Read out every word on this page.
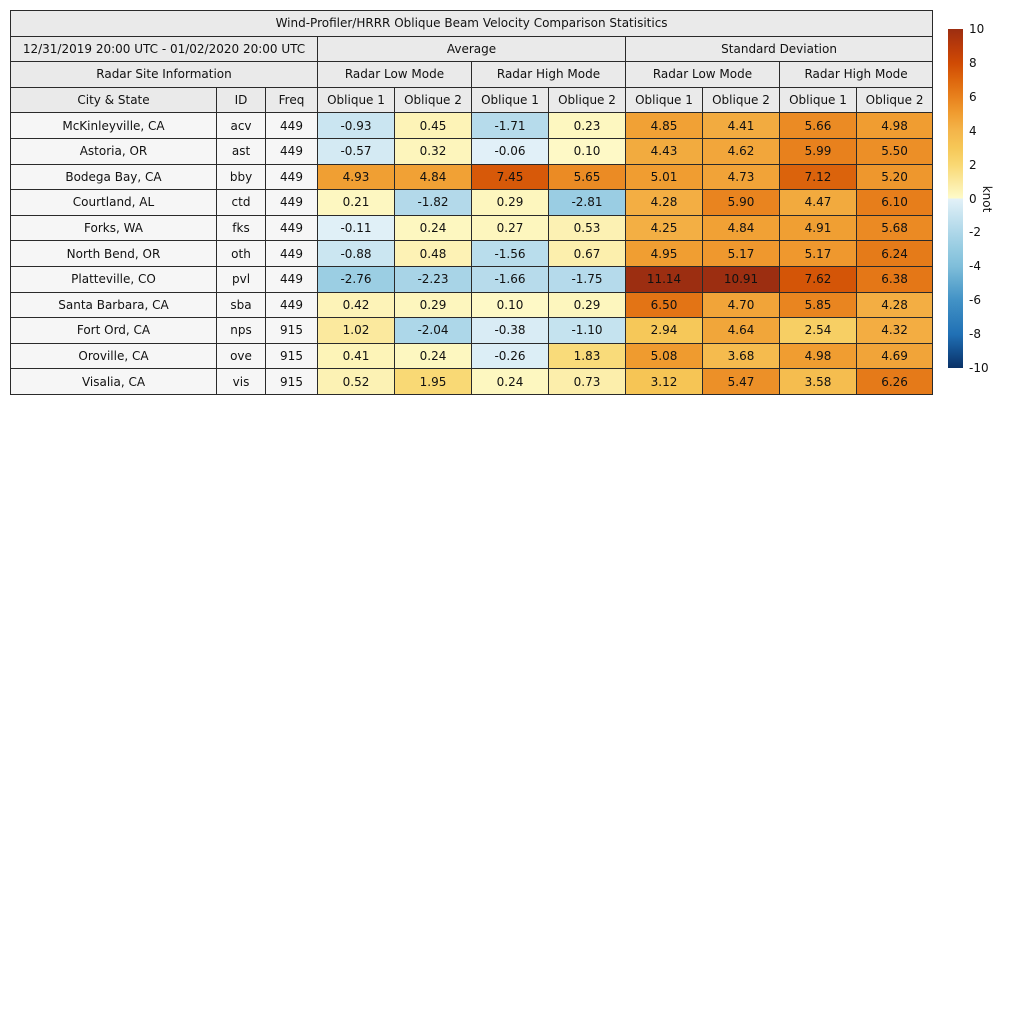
Wind-Profiler/HRRR Oblique Beam Velocity Comparison Statisitics										
12/31/2019 20:00 UTC - 01/02/2020 20:00 UTC			Average				Standard Deviation			
Radar Site Information			Radar Low Mode		Radar High Mode		Radar Low Mode		Radar High Mode	
City & State	ID	Freq	Oblique 1	Oblique 2	Oblique 1	Oblique 2	Oblique 1	Oblique 2	Oblique 1	Oblique 2
McKinleyville, CA	acv	449	-0.93	0.45	-1.71	0.23	4.85	4.41	5.66	4.98
Astoria, OR	ast	449	-0.57	0.32	-0.06	0.10	4.43	4.62	5.99	5.50
Bodega Bay, CA	bby	449	4.93	4.84	7.45	5.65	5.01	4.73	7.12	5.20
Courtland, AL	ctd	449	0.21	-1.82	0.29	-2.81	4.28	5.90	4.47	6.10
Forks, WA	fks	449	-0.11	0.24	0.27	0.53	4.25	4.84	4.91	5.68
North Bend, OR	oth	449	-0.88	0.48	-1.56	0.67	4.95	5.17	5.17	6.24
Platteville, CO	pvl	449	-2.76	-2.23	-1.66	-1.75	11.14	10.91	7.62	6.38
Santa Barbara, CA	sba	449	0.42	0.29	0.10	0.29	6.50	4.70	5.85	4.28
Fort Ord, CA	nps	915	1.02	-2.04	-0.38	-1.10	2.94	4.64	2.54	4.32
Oroville, CA	ove	915	0.41	0.24	-0.26	1.83	5.08	3.68	4.98	4.69
Visalia, CA	vis	915	0.52	1.95	0.24	0.73	3.12	5.47	3.58	6.26
10
8
6
4
2
0
-2
-4
-6
-8
-10
knot
